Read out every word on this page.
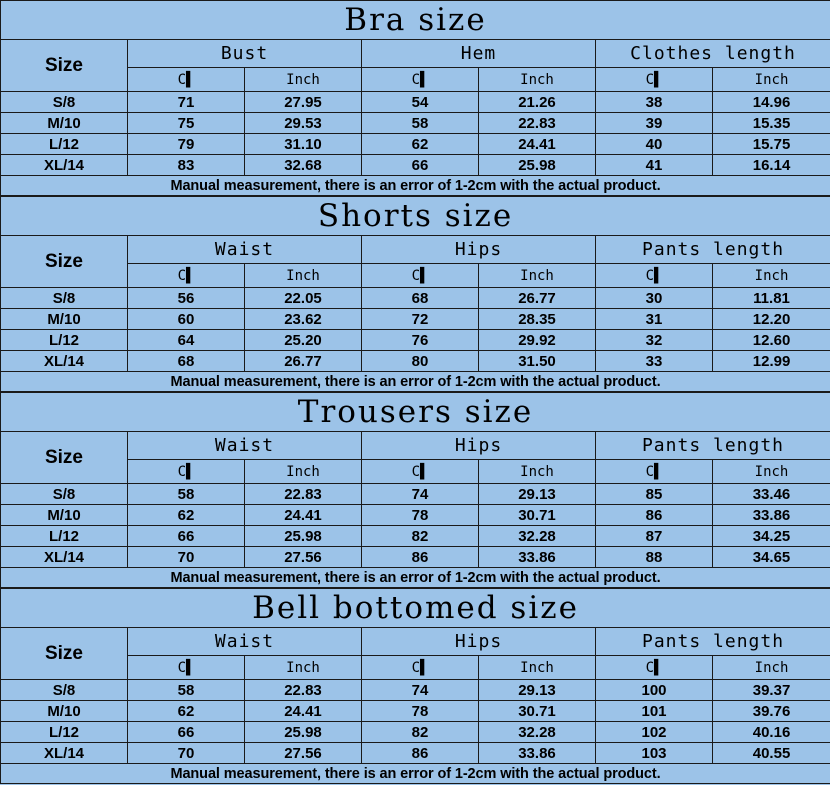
Bra size						
Size	Bust		Hem		Clothes length	
	C▌	Inch	C▌	Inch	C▌	Inch
S/8	71	27.95	54	21.26	38	14.96
M/10	75	29.53	58	22.83	39	15.35
L/12	79	31.10	62	24.41	40	15.75
XL/14	83	32.68	66	25.98	41	16.14
Manual measurement, there is an error of 1-2cm with the actual product.						
Shorts size						
Size	Waist		Hips		Pants length	
	C▌	Inch	C▌	Inch	C▌	Inch
S/8	56	22.05	68	26.77	30	11.81
M/10	60	23.62	72	28.35	31	12.20
L/12	64	25.20	76	29.92	32	12.60
XL/14	68	26.77	80	31.50	33	12.99
Manual measurement, there is an error of 1-2cm with the actual product.						
Trousers size						
Size	Waist		Hips		Pants length	
	C▌	Inch	C▌	Inch	C▌	Inch
S/8	58	22.83	74	29.13	85	33.46
M/10	62	24.41	78	30.71	86	33.86
L/12	66	25.98	82	32.28	87	34.25
XL/14	70	27.56	86	33.86	88	34.65
Manual measurement, there is an error of 1-2cm with the actual product.						
Bell bottomed size						
Size	Waist		Hips		Pants length	
	C▌	Inch	C▌	Inch	C▌	Inch
S/8	58	22.83	74	29.13	100	39.37
M/10	62	24.41	78	30.71	101	39.76
L/12	66	25.98	82	32.28	102	40.16
XL/14	70	27.56	86	33.86	103	40.55
Manual measurement, there is an error of 1-2cm with the actual product.						
